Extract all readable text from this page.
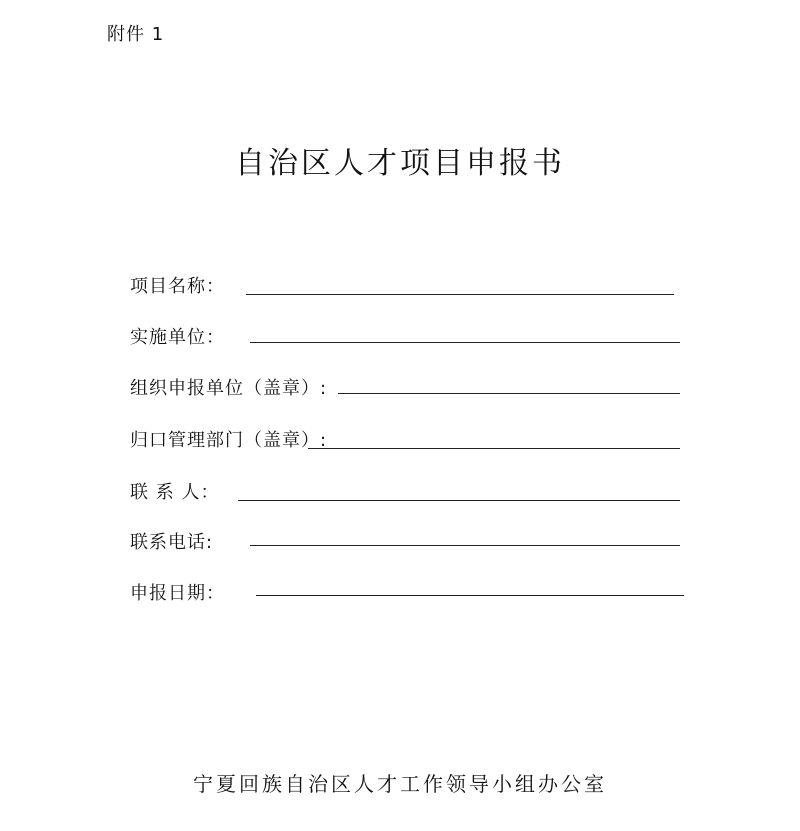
附件 1
自治区人才项目申报书
项目名称：
实施单位：
组织申报单位（盖章）:
归口管理部门（盖章）:
联 系 人：
联系电话:
申报日期：
宁夏回族自治区人才工作领导小组办公室
